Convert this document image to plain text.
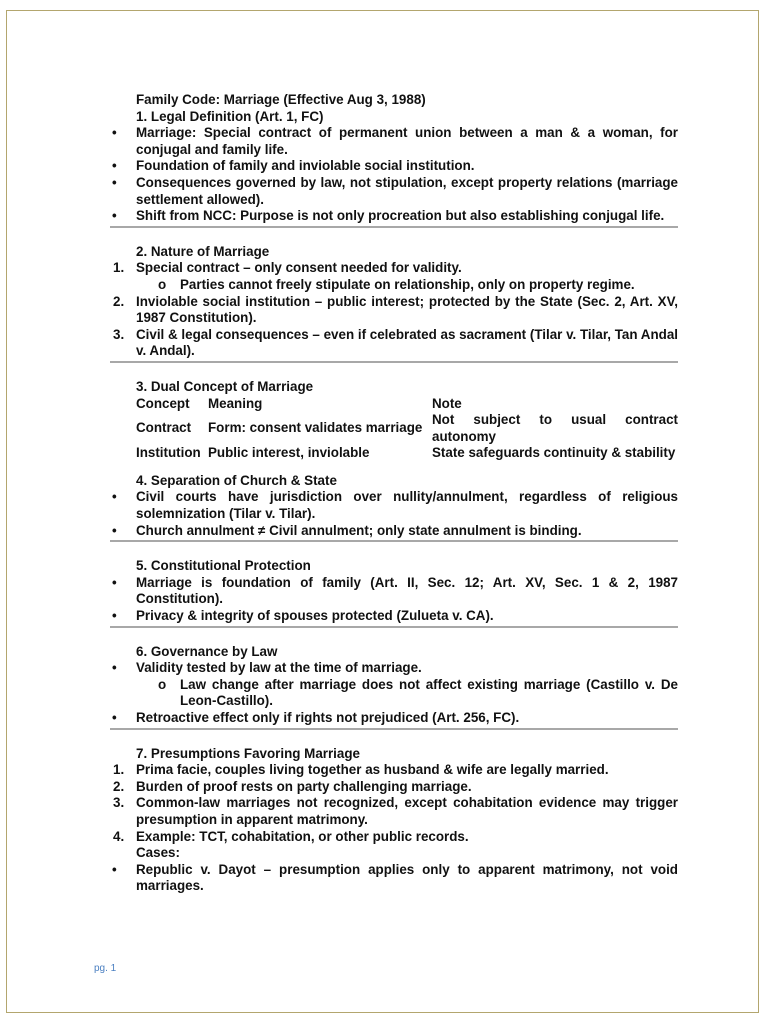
Family Code: Marriage (Effective Aug 3, 1988)
1. Legal Definition (Art. 1, FC)
•	Marriage: Special contract of permanent union between a man & a woman, for conjugal and family life.
•	Foundation of family and inviolable social institution.
•	Consequences governed by law, not stipulation, except property relations (marriage settlement allowed).
•	Shift from NCC: Purpose is not only procreation but also establishing conjugal life.
2. Nature of Marriage
1. Special contract – only consent needed for validity.
o	Parties cannot freely stipulate on relationship, only on property regime.
2. Inviolable social institution – public interest; protected by the State (Sec. 2, Art. XV, 1987 Constitution).
3. Civil & legal consequences – even if celebrated as sacrament (Tilar v. Tilar, Tan Andal v. Andal).
3. Dual Concept of Marriage
Concept	Meaning	Note
Contract	Form: consent validates marriage	Not subject to usual contract autonomy
Institution	Public interest, inviolable	State safeguards continuity & stability
4. Separation of Church & State
•	Civil courts have jurisdiction over nullity/annulment, regardless of religious solemnization (Tilar v. Tilar).
•	Church annulment ≠ Civil annulment; only state annulment is binding.
5. Constitutional Protection
•	Marriage is foundation of family (Art. II, Sec. 12; Art. XV, Sec. 1 & 2, 1987 Constitution).
•	Privacy & integrity of spouses protected (Zulueta v. CA).
6. Governance by Law
•	Validity tested by law at the time of marriage.
o	Law change after marriage does not affect existing marriage (Castillo v. De Leon-Castillo).
•	Retroactive effect only if rights not prejudiced (Art. 256, FC).
7. Presumptions Favoring Marriage
1. Prima facie, couples living together as husband & wife are legally married.
2. Burden of proof rests on party challenging marriage.
3. Common-law marriages not recognized, except cohabitation evidence may trigger presumption in apparent matrimony.
4. Example: TCT, cohabitation, or other public records.
Cases:
•	Republic v. Dayot – presumption applies only to apparent matrimony, not void marriages.
pg. 1
